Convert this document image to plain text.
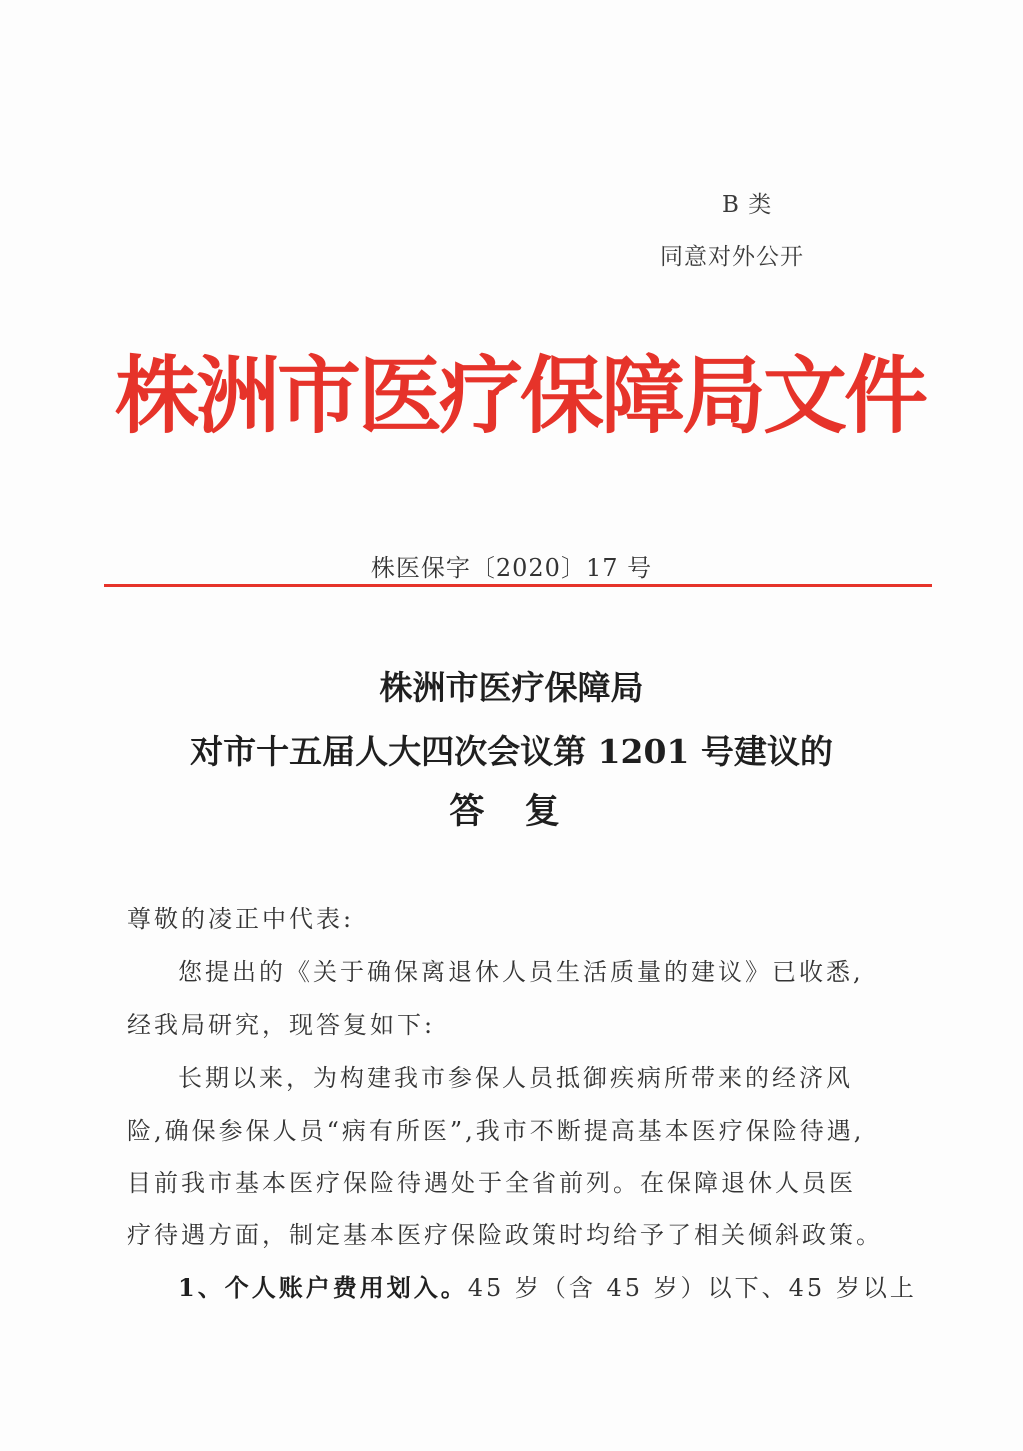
B 类
同意对外公开
株洲市医疗保障局文件
株医保字〔2020〕17 号
株洲市医疗保障局
对市十五届人大四次会议第 1201 号建议的
答 复
尊敬的凌正中代表:
您提出的《关于确保离退休人员生活质量的建议》已收悉,
经我局研究，现答复如下:
长期以来，为构建我市参保人员抵御疾病所带来的经济风
险,确保参保人员“病有所医”,我市不断提高基本医疗保险待遇,
目前我市基本医疗保险待遇处于全省前列。在保障退休人员医
疗待遇方面，制定基本医疗保险政策时均给予了相关倾斜政策。
1、个人账户费用划入。45 岁（含 45 岁）以下、45 岁以上
